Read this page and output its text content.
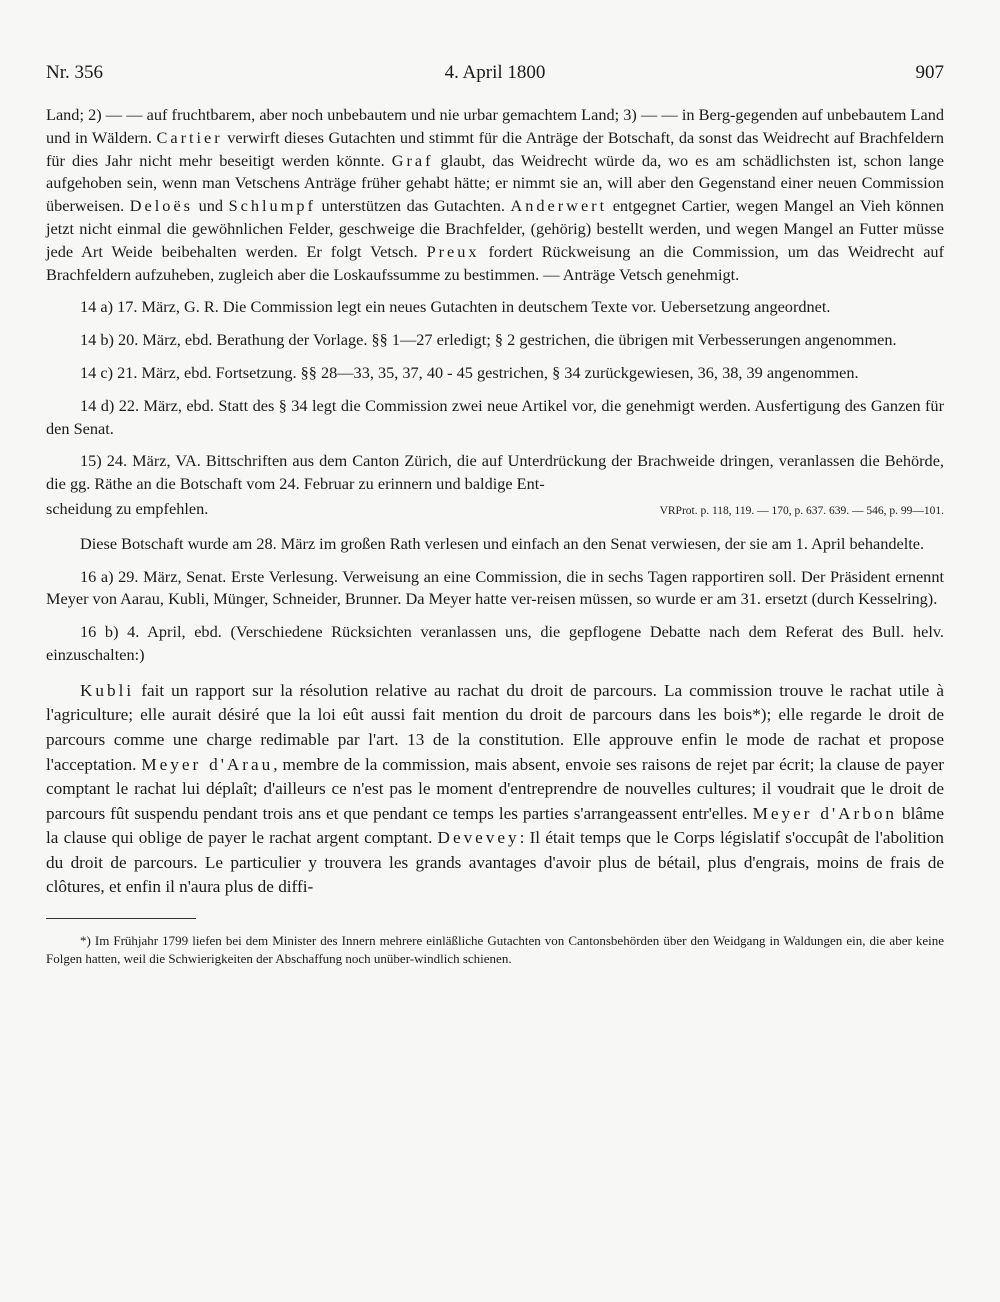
Nr. 356	4. April 1800	907

Land; 2) — — auf fruchtbarem, aber noch unbebautem und nie urbar gemachtem Land; 3) — — in Berg-gegenden auf unbebautem Land und in Wäldern. Cartier verwirft dieses Gutachten und stimmt für die Anträge der Botschaft, da sonst das Weidrecht auf Brachfeldern für dies Jahr nicht mehr beseitigt werden könnte. Graf glaubt, das Weidrecht würde da, wo es am schädlichsten ist, schon lange aufgehoben sein, wenn man Vetschens Anträge früher gehabt hätte; er nimmt sie an, will aber den Gegenstand einer neuen Commission überweisen. Deloës und Schlumpf unterstützen das Gutachten. Anderwert entgegnet Cartier, wegen Mangel an Vieh können jetzt nicht einmal die gewöhnlichen Felder, geschweige die Brachfelder, (gehörig) bestellt werden, und wegen Mangel an Futter müsse jede Art Weide beibehalten werden. Er folgt Vetsch. Preux fordert Rückweisung an die Commission, um das Weidrecht auf Brachfeldern aufzuheben, zugleich aber die Loskaufssumme zu bestimmen. — Anträge Vetsch genehmigt.

14 a) 17. März, G. R. Die Commission legt ein neues Gutachten in deutschem Texte vor. Uebersetzung angeordnet.

14 b) 20. März, ebd. Berathung der Vorlage. §§ 1—27 erledigt; § 2 gestrichen, die übrigen mit Verbesserungen angenommen.

14 c) 21. März, ebd. Fortsetzung. §§ 28—33, 35, 37, 40 - 45 gestrichen, § 34 zurückgewiesen, 36, 38, 39 angenommen.

14 d) 22. März, ebd. Statt des § 34 legt die Commission zwei neue Artikel vor, die genehmigt werden. Ausfertigung des Ganzen für den Senat.

15) 24. März, VA. Bittschriften aus dem Canton Zürich, die auf Unterdrückung der Brachweide dringen, veranlassen die Behörde, die gg. Räthe an die Botschaft vom 24. Februar zu erinnern und baldige Ent-

scheidung zu empfehlen.	VRProt. p. 118, 119. — 170, p. 637. 639. — 546, p. 99—101.

Diese Botschaft wurde am 28. März im großen Rath verlesen und einfach an den Senat verwiesen, der sie am 1. April behandelte.

16 a) 29. März, Senat. Erste Verlesung. Verweisung an eine Commission, die in sechs Tagen rapportiren soll. Der Präsident ernennt Meyer von Aarau, Kubli, Münger, Schneider, Brunner. Da Meyer hatte ver-reisen müssen, so wurde er am 31. ersetzt (durch Kesselring).

16 b) 4. April, ebd. (Verschiedene Rücksichten veranlassen uns, die gepflogene Debatte nach dem Referat des Bull. helv. einzuschalten:)

Kubli fait un rapport sur la résolution relative au rachat du droit de parcours. La commission trouve le rachat utile à l'agriculture; elle aurait désiré que la loi eût aussi fait mention du droit de parcours dans les bois*); elle regarde le droit de parcours comme une charge redimable par l'art. 13 de la constitution. Elle approuve enfin le mode de rachat et propose l'acceptation. Meyer d'Arau, membre de la commission, mais absent, envoie ses raisons de rejet par écrit; la clause de payer comptant le rachat lui déplaît; d'ailleurs ce n'est pas le moment d'entreprendre de nouvelles cultures; il voudrait que le droit de parcours fût suspendu pendant trois ans et que pendant ce temps les parties s'arrangeassent entr'elles. Meyer d'Arbon blâme la clause qui oblige de payer le rachat argent comptant. Devevey: Il était temps que le Corps législatif s'occupât de l'abolition du droit de parcours. Le particulier y trouvera les grands avantages d'avoir plus de bétail, plus d'engrais, moins de frais de clôtures, et enfin il n'aura plus de diffi-

*) Im Frühjahr 1799 liefen bei dem Minister des Innern mehrere einläßliche Gutachten von Cantonsbehörden über den Weidgang in Waldungen ein, die aber keine Folgen hatten, weil die Schwierigkeiten der Abschaffung noch unüber-windlich schienen.
